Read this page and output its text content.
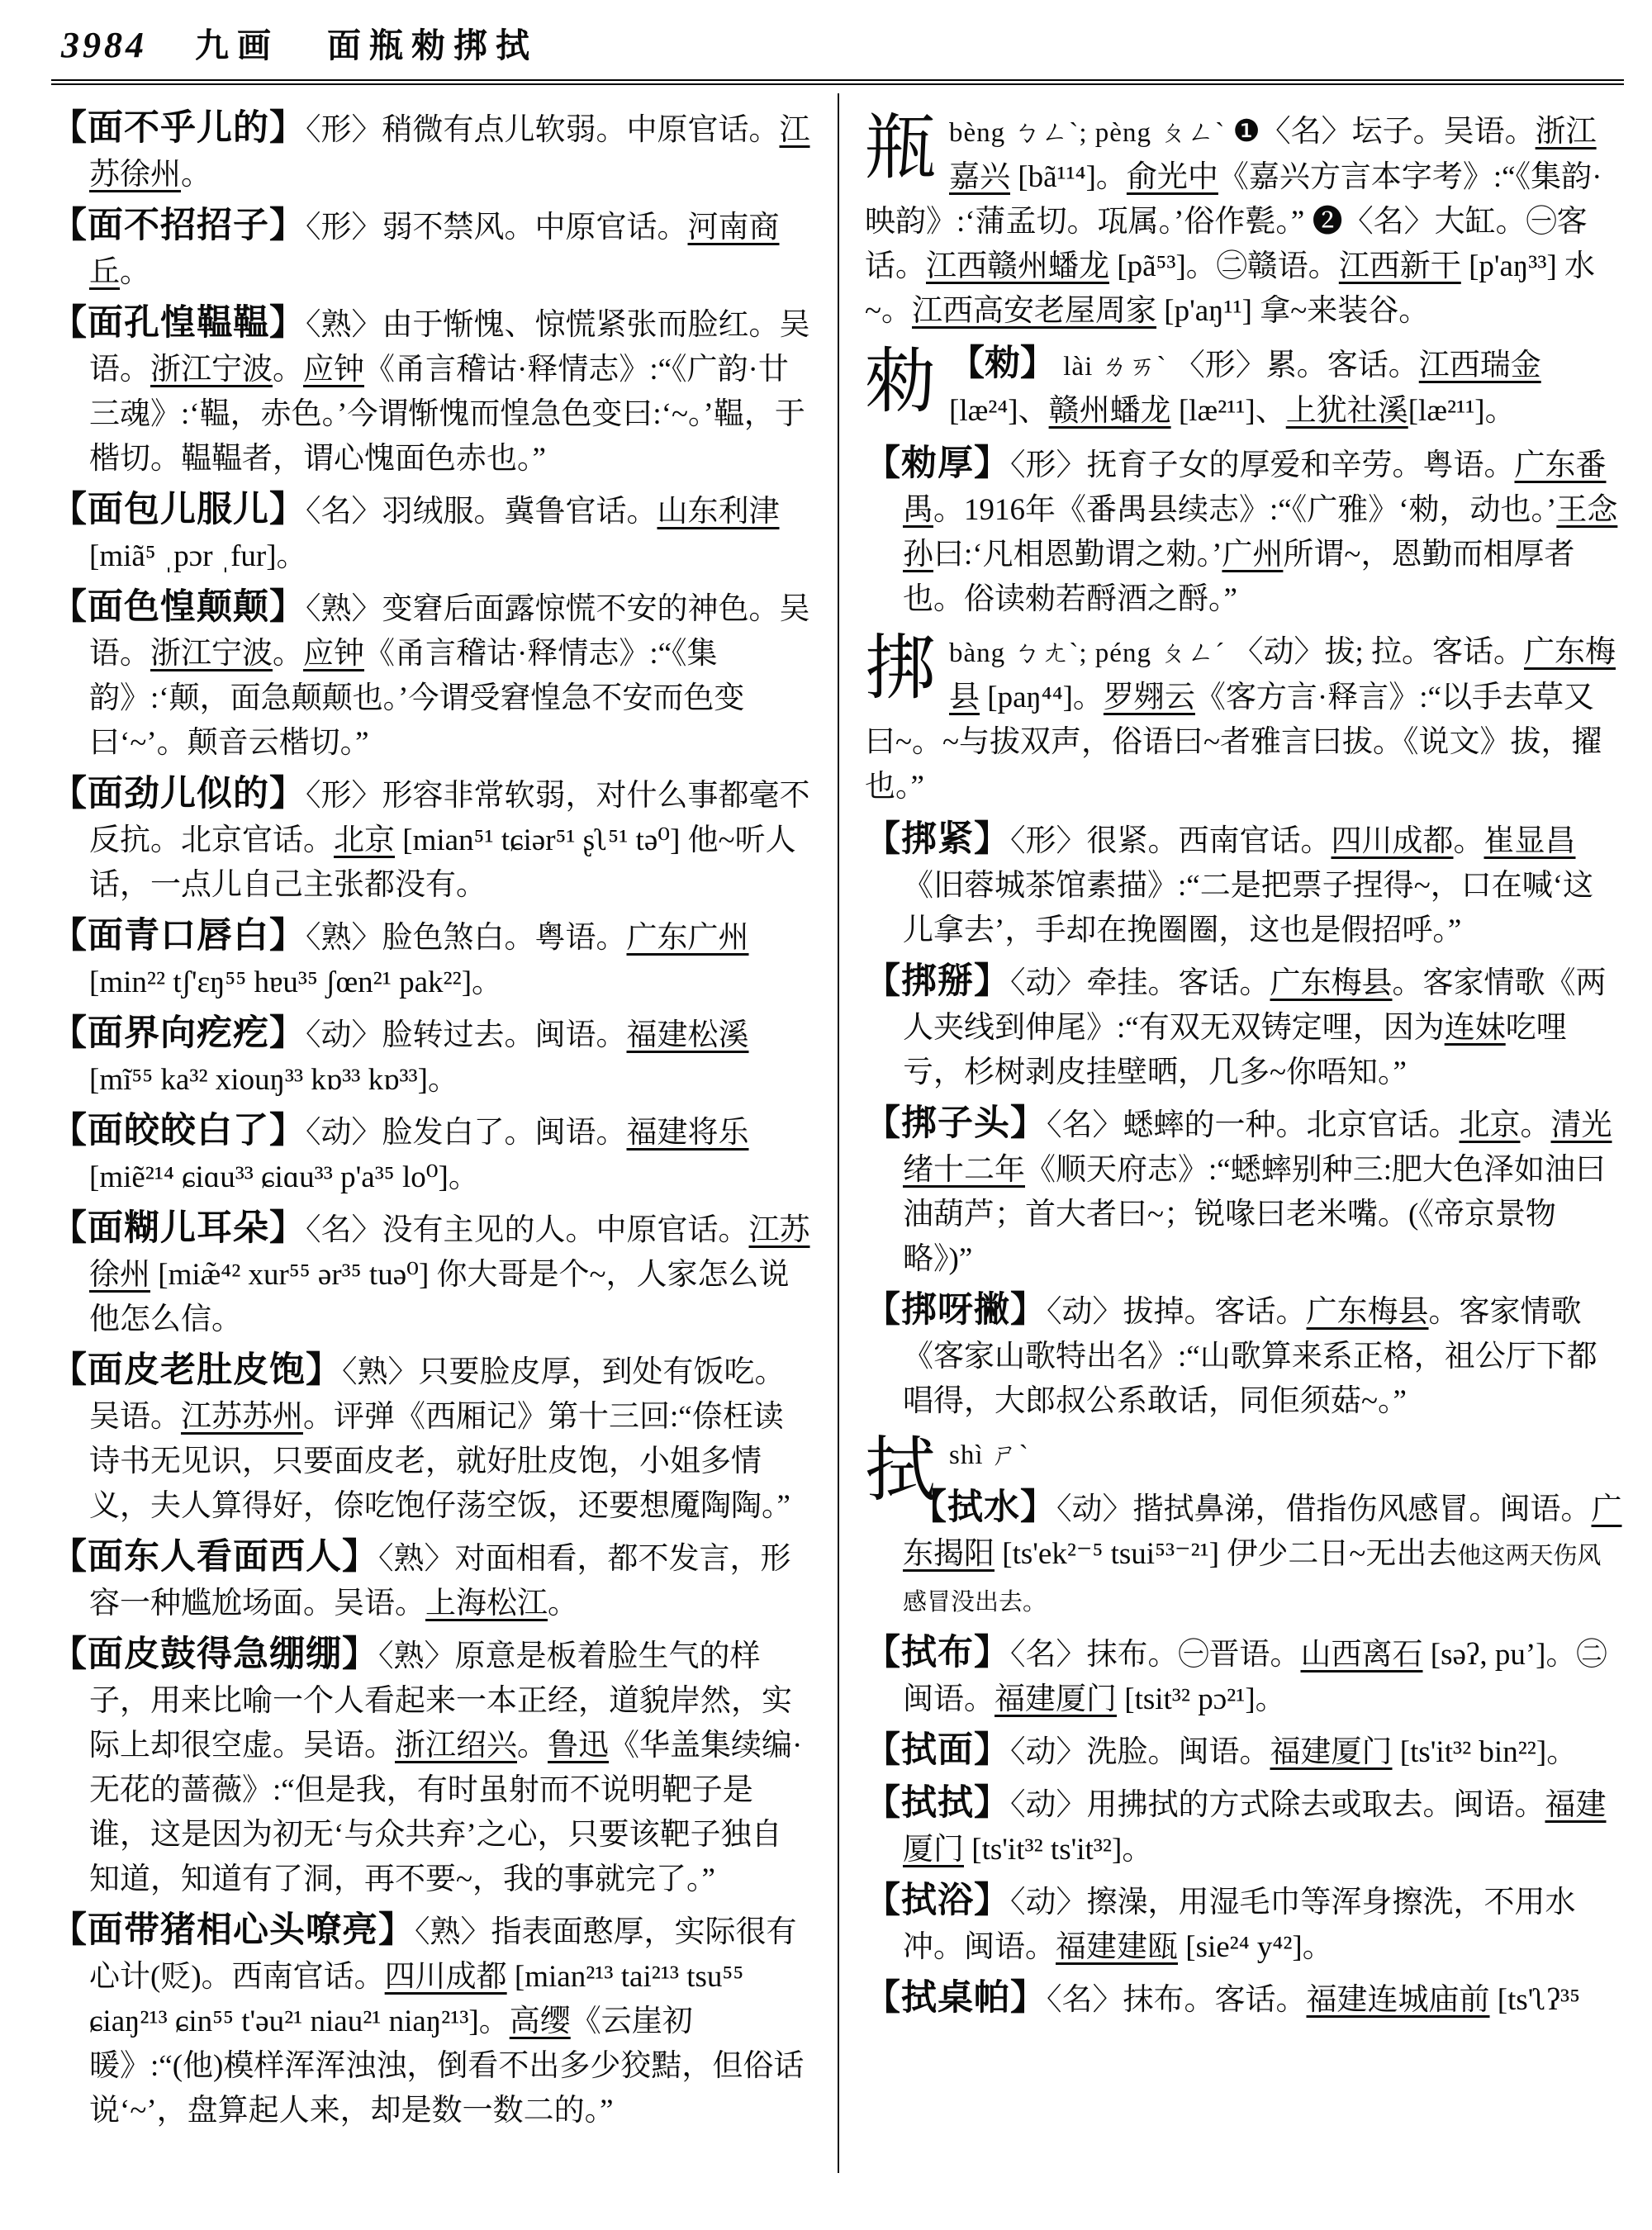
3984 九画 面瓶勑挷拭

【面不乎儿的】〈形〉稍微有点儿软弱。中原官话。江苏徐州。

【面不招招子】〈形〉弱不禁风。中原官话。河南商丘。

【面孔惶鞰鞰】〈熟〉由于惭愧、惊慌紧张而脸红。吴语。浙江宁波。应钟《甬言稽诂·释情志》:“《广韵·廿三魂》:‘鞰，赤色。’今谓惭愧而惶急色变曰:‘~。’鞰，于楷切。鞰鞰者，谓心愧面色赤也。”

【面包儿服儿】〈名〉羽绒服。冀鲁官话。山东利津 [miã⁵ ˌpɔr ˌfur]。

【面色惶颠颠】〈熟〉变窘后面露惊慌不安的神色。吴语。浙江宁波。应钟《甬言稽诂·释情志》:“《集韵》:‘颠，面急颠颠也。’今谓受窘惶急不安而色变曰‘~’。颠音云楷切。”

【面劲儿似的】〈形〉形容非常软弱，对什么事都毫不反抗。北京官话。北京 [mian⁵¹ tɕiər⁵¹ ʂʅ⁵¹ tə⁰] 他~听人话，一点儿自己主张都没有。

【面青口唇白】〈熟〉脸色煞白。粤语。广东广州 [min²² tʃ'ɛŋ⁵⁵ hɐu³⁵ ʃœn²¹ pak²²]。

【面界向疙疙】〈动〉脸转过去。闽语。福建松溪[mĩ⁵⁵ ka³² xiouŋ³³ kɒ³³ kɒ³³]。

【面皎皎白了】〈动〉脸发白了。闽语。福建将乐 [miẽ²¹⁴ ɕiɑu³³ ɕiɑu³³ p'a³⁵ lo⁰]。

【面糊儿耳朵】〈名〉没有主见的人。中原官话。江苏徐州 [miæ̃⁴² xur⁵⁵ ər³⁵ tuə⁰] 你大哥是个~，人家怎么说他怎么信。

【面皮老肚皮饱】〈熟〉只要脸皮厚，到处有饭吃。吴语。江苏苏州。评弹《西厢记》第十三回:“倷枉读诗书无见识，只要面皮老，就好肚皮饱，小姐多情义，夫人算得好，倷吃饱仔荡空饭，还要想魇陶陶。”

【面东人看面西人】〈熟〉对面相看，都不发言，形容一种尴尬场面。吴语。上海松江。

【面皮鼓得急绷绷】〈熟〉原意是板着脸生气的样子，用来比喻一个人看起来一本正经，道貌岸然，实际上却很空虚。吴语。浙江绍兴。鲁迅《华盖集续编·无花的蔷薇》:“但是我，有时虽射而不说明靶子是谁，这是因为初无‘与众共弃’之心，只要该靶子独自知道，知道有了洞，再不要~，我的事就完了。”

【面带猪相心头嘹亮】〈熟〉指表面憨厚，实际很有心计(贬)。西南官话。四川成都 [mian²¹³ tai²¹³ tsu⁵⁵ ɕiaŋ²¹³ ɕin⁵⁵ t'əu²¹ niau²¹ niaŋ²¹³]。高缨《云崖初暖》:“(他)模样浑浑浊浊，倒看不出多少狡黠，但俗话说‘~’，盘算起人来，却是数一数二的。”

瓶 bèng ㄅㄥˋ; pèng ㄆㄥˋ ❶〈名〉坛子。吴语。浙江嘉兴 [bã¹¹⁴]。俞光中《嘉兴方言本字考》:“《集韵·映韵》:‘蒲孟切。瓨属。’俗作甏。” ❷〈名〉大缸。㊀客话。江西赣州蟠龙 [pã⁵³]。㊁赣语。江西新干 [p'aŋ³³] 水~。江西高安老屋周家 [p'aŋ¹¹] 拿~来装谷。

勑 【勑】 lài ㄌㄞˋ 〈形〉累。客话。江西瑞金[læ²⁴]、赣州蟠龙 [læ²¹¹]、上犹社溪[læ²¹¹]。

【勑厚】〈形〉抚育子女的厚爱和辛劳。粤语。广东番禺。1916年《番禺县续志》:“《广雅》‘勑，动也。’王念孙曰:‘凡相恩勤谓之勑。’广州所谓~，恩勤而相厚者也。俗读勑若酹酒之酹。”

挷 bàng ㄅㄤˋ; péng ㄆㄥˊ 〈动〉拔; 拉。客话。广东梅县 [paŋ⁴⁴]。罗翙云《客方言·释言》:“以手去草又曰~。~与拔双声，俗语曰~者雅言曰拔。《说文》拔，擢也。”

【挷紧】〈形〉很紧。西南官话。四川成都。崔显昌《旧蓉城茶馆素描》:“二是把票子捏得~，口在喊‘这儿拿去’，手却在挽圈圈，这也是假招呼。”

【挷掰】〈动〉牵挂。客话。广东梅县。客家情歌《两人夹线到伸尾》:“有双无双铸定哩，因为连妹吃哩亏，杉树剥皮挂壁晒，几多~你唔知。”

【挷子头】〈名〉蟋蟀的一种。北京官话。北京。清光绪十二年《顺天府志》:“蟋蟀别种三:肥大色泽如油曰油葫芦；首大者曰~；锐喙曰老米嘴。(《帝京景物略》)”

【挷呀撇】〈动〉拔掉。客话。广东梅县。客家情歌《客家山歌特出名》:“山歌算来系正格，祖公厅下都唱得，大郎叔公系敢话，同佢须菇~。”

拭 shì ㄕˋ

【拭水】〈动〉揩拭鼻涕，借指伤风感冒。闽语。广东揭阳 [ts'ek²⁻⁵ tsui⁵³⁻²¹] 伊少二日~无出去他这两天伤风感冒没出去。

【拭布】〈名〉抹布。㊀晋语。山西离石 [səʔ, puʼ]。㊁闽语。福建厦门 [tsit³² pɔ²¹]。

【拭面】〈动〉洗脸。闽语。福建厦门 [ts'it³² bin²²]。

【拭拭】〈动〉用拂拭的方式除去或取去。闽语。福建厦门 [ts'it³² ts'it³²]。

【拭浴】〈动〉擦澡，用湿毛巾等浑身擦洗，不用水冲。闽语。福建建瓯 [sie²⁴ y⁴²]。

【拭桌帕】〈名〉抹布。客话。福建连城庙前 [ts'ʅʔ³⁵
